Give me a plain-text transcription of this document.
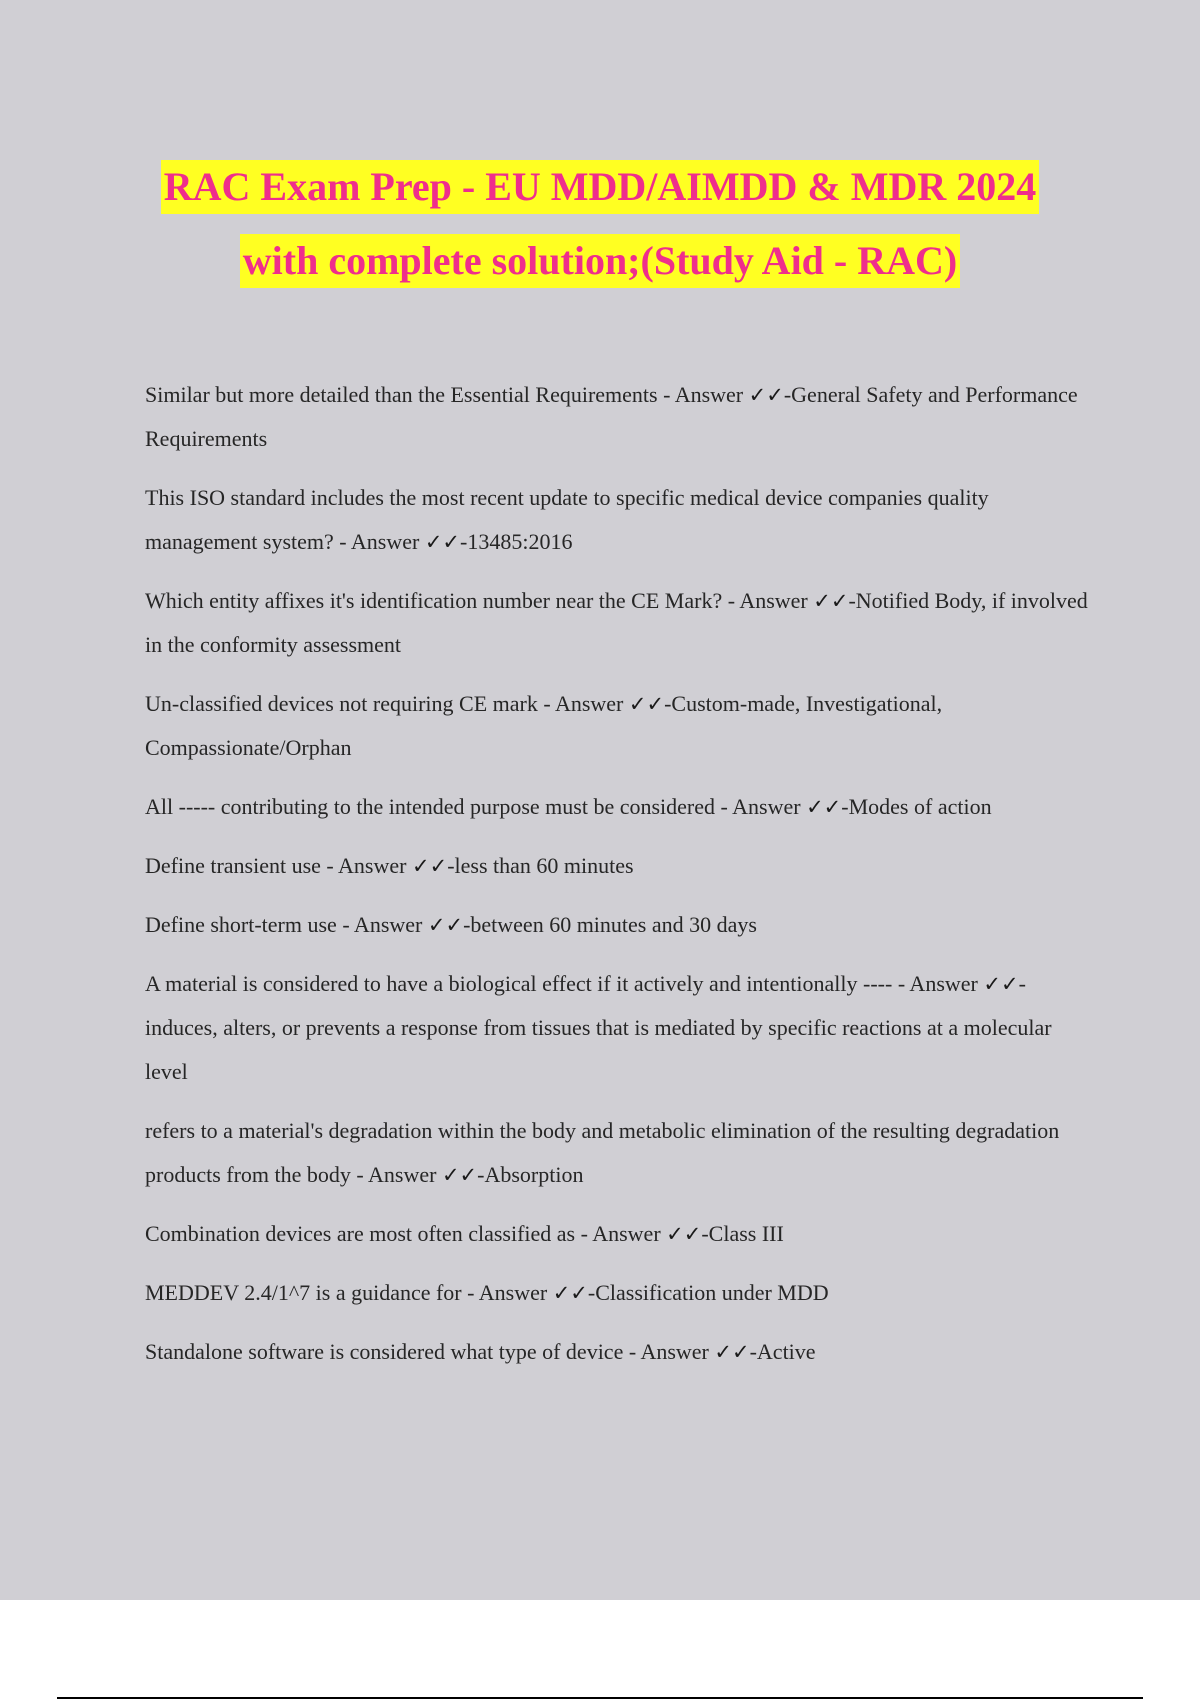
RAC Exam Prep - EU MDD/AIMDD & MDR 2024
with complete solution;(Study Aid - RAC)
Similar but more detailed than the Essential Requirements - Answer ✓✓-General Safety and Performance Requirements
This ISO standard includes the most recent update to specific medical device companies quality management system? - Answer ✓✓-13485:2016
Which entity affixes it's identification number near the CE Mark? - Answer ✓✓-Notified Body, if involved in the conformity assessment
Un-classified devices not requiring CE mark - Answer ✓✓-Custom-made, Investigational, Compassionate/Orphan
All ----- contributing to the intended purpose must be considered - Answer ✓✓-Modes of action
Define transient use - Answer ✓✓-less than 60 minutes
Define short-term use - Answer ✓✓-between 60 minutes and 30 days
A material is considered to have a biological effect if it actively and intentionally ---- - Answer ✓✓-induces, alters, or prevents a response from tissues that is mediated by specific reactions at a molecular level
refers to a material's degradation within the body and metabolic elimination of the resulting degradation products from the body - Answer ✓✓-Absorption
Combination devices are most often classified as - Answer ✓✓-Class III
MEDDEV 2.4/1^7 is a guidance for - Answer ✓✓-Classification under MDD
Standalone software is considered what type of device - Answer ✓✓-Active
